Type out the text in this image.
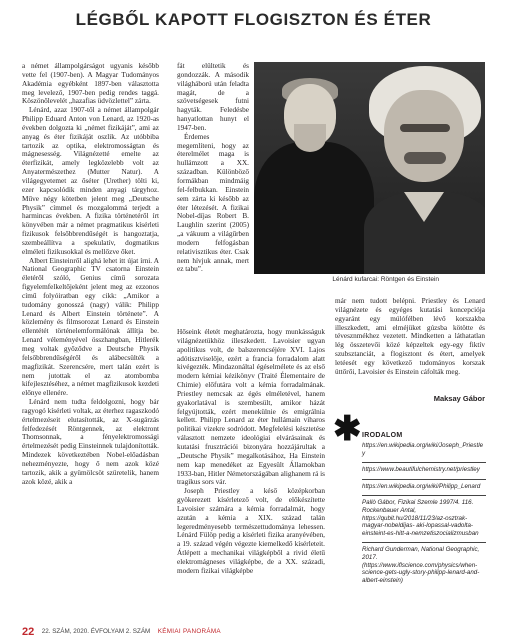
LÉGBŐL KAPOTT FLOGISZTON ÉS ÉTER

a német állampolgárságot ugyanis később vette fel (1907-ben). A Magyar Tudományos Akadémia egyébként 1897-ben választotta meg levelező, 1907-ben pedig rendes taggá. Köszönőlevelét „hazafias üdvözlettel” zárta.

Lénárd, azaz 1907-től a német állampolgár Philipp Eduard Anton von Lenard, az 1920-as években dolgozta ki „német fizikáját”, ami az anyag és éter fizikáját oszlik. Az utóbbiba tartozik az optika, elektromosságtan és mágnesesség. Világnézetté emelte az éterfizikát, amely legközelebb volt az Anyatermészethez (Mutter Natur). A világegyetemet az őséter (Urether) tölti ki, ezer kapcsolódik minden anyagi tárgyhoz. Műve négy kötetben jelent meg „Deutsche Physik” címmel és mozgalommá terjedt a harmincas években. A fizika történetéről írt könyvében már a német pragmatikus kísérleti fizikusok felsőbbrendűségét is hangoztatja, szembeállítva a spekulatív, dogmatikus elméleti fizikusokkal és mellőzve őket.

Albert Einsteinről alighá lehet itt újat írni. A National Geographic TV csatorna Einstein életéről szóló, Genius című sorozata figyelemfelkeltőjeként jelent meg az ezzonos című folyóiratban egy cikk: „Amikor a tudomány gonosszá (nagy) válik: Philipp Lenard és Albert Einstein története”. A közlemény és filmsorozat Lenard és Einstein ellentétét történelemformálónak állítja be. Lenard véleményével összhangban, Hitlerék meg voltak győződve a Deutsche Physik felsőbbrendűségéről és alábecsülték a magfizikát. Szerencsére, mert talán ezért is nem jutottak el az atombomba kifejlesztéséhez, a német magfizikusok kezdeti előnye ellenére.

Lénárd nem tudta feldolgozni, hogy bár ragyogó kísérleti voltak, az éterhez ragaszkodó értelmezéseit elutasították, az X-sugárzás felfedezését Röntgennek, az elektront Thomsonnak, a fényelektromossági értelmezését pedig Einsteinnek tulajdonították. Mindezek következtében Nobel-előadásban nehezményezte, hogy ő nem azok közé tartozik, akik a gyümölcsöt szüretelik, hanem azok közé, akik a

fát elültetik és gondozzák. A második világháború után feladta magát, de a szövetségesek futni hagyták. Feledésbe hanyatlottan hunyt el 1947-ben.

Érdemes megemlíteni, hogy az éterelmélet maga is hullámzott a XX. században. Különböző formákban mindmáig fel-felbukkan. Einstein sem zárta ki később az éter létezését. A fizikai Nobel-díjas Robert B. Laughlin szerint (2005) „a vákuum a világűrben modern felfogásban relativisztikus éter. Csak nem hívjuk annak, mert ez tabu”.

Lénárd kufarcai: Röntgen és Einstein

Hőseink életét meghatározta, hogy munkásságuk világnézetükhöz illeszkedett. Lavoisier ugyan apolitikus volt, de balszerencséjére XVI. Lajos adótisztviselője, ezért a francia forradalom alatt kivégezték. Mindazonáltal égéselmélete és az első modern kémiai kézikönyv (Traité Élementaire de Chimie) előfutára volt a kémia forradalmának. Priestley nemcsak az égés elméletével, hanem gyakorlatával is szembesült, amikor házát felgyújtották, ezért menekülnie és emigrálnia kellett. Philipp Lenard az éter hullámain viharos politikai vizekre sodródott. Megfelelési késztetése választott nemzete ideológiai elvárásainak és kutatási frusztrációi bizonyára hozzájárultak a „Deutsche Physik” megalkotásához, Ha Einstein nem kap menedéket az Egyesült Államokban 1933-ban, Hitler Németországában alighanem rá is tragikus sors vár.

Joseph Priestley a késő középkorban gyökerezett kísérletező volt, de előkészítette Lavoisier számára a kémia forradalmát, hogy azután a kémia a XIX. század talán legeredményesebb természettudománya lehessen. Lénárd Fülöp pedig a kísérleti fizika aranyévében, a 19. század végén végezte kiemelkedő kísérleteit. Átlépett a mechanikai világképből a rivid életű elektromágneses világképbe, de a XX. századi, modern fizikai világképbe

már nem tudott belépni. Priestley és Lenard világnézete és egyéges kutatási koncepciója egyaránt egy múlófélben lévő korszakba illeszkedett, ami elméjüket gúzsba kötötte és tévesznmékhez vezetett. Mindketten a láthatatlan lég összetevői közé képzeltek egy-egy fiktív szubsztanciát, a flogisztont és étert, amelyek letéesét egy következő tudományos korszak üttőrői, Lavoisier és Einstein cáfolták meg.

Maksay Gábor
✱ IRODALOM
https://en.wikipedia.org/wiki/Joseph_Priestley
https://www.beautifulchemistry.net/priestley
https://en.wikipedia.org/wiki/Philipp_Lenard
Pallò Gábor, Fizikai Szemle 1997/4. 116. Rockenbauer Antal, https://qubit.hu/2018/11/23/az-osztrak-magyar-nobeldijas- aki-lopassal-vadolta-einsteint-es-hitt-a-nemzetiszocializmusban
Richard Gunderman, National Geographic, 2017. (https://www.iflscience.com/physics/when-science-gets-ugly-story-philipp-lenard-and-albert-einstein)
22 22. SZÁM, 2020. ÉVFOLYAM 2. SZÁM KÉMIAI PANORÁMA
